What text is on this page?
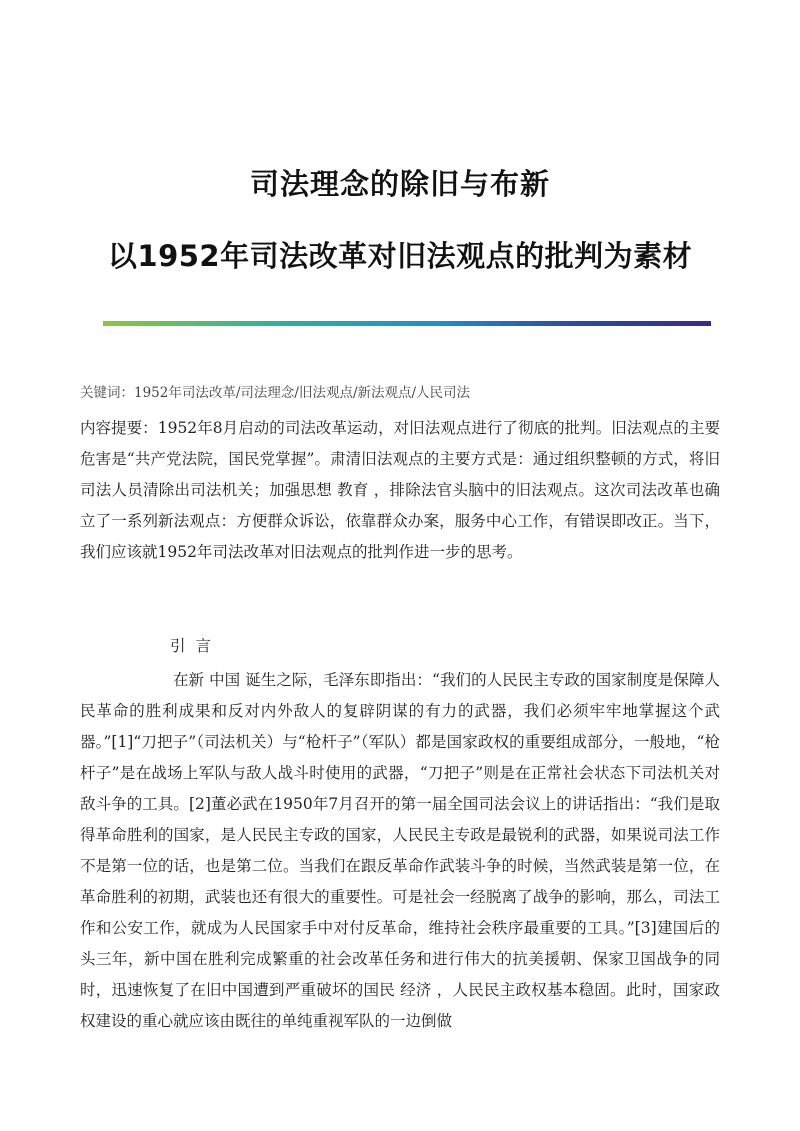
司法理念的除旧与布新
以1952年司法改革对旧法观点的批判为素材
关键词：1952年司法改革/司法理念/旧法观点/新法观点/人民司法

内容提要：1952年8月启动的司法改革运动，对旧法观点进行了彻底的批判。旧法观点的主要危害是“共产党法院，国民党掌握”。肃清旧法观点的主要方式是：通过组织整顿的方式，将旧司法人员清除出司法机关；加强思想 教育 ，排除法官头脑中的旧法观点。这次司法改革也确立了一系列新法观点：方便群众诉讼，依靠群众办案，服务中心工作，有错误即改正。当下，我们应该就1952年司法改革对旧法观点的批判作进一步的思考。

引言

在新 中国 诞生之际，毛泽东即指出：“我们的人民民主专政的国家制度是保障人民革命的胜利成果和反对内外敌人的复辟阴谋的有力的武器，我们必须牢牢地掌握这个武器。”[1]“刀把子”（司法机关）与“枪杆子”（军队）都是国家政权的重要组成部分，一般地，“枪杆子”是在战场上军队与敌人战斗时使用的武器，“刀把子”则是在正常社会状态下司法机关对敌斗争的工具。[2]董必武在1950年7月召开的第一届全国司法会议上的讲话指出：“我们是取得革命胜利的国家，是人民民主专政的国家，人民民主专政是最锐利的武器，如果说司法工作不是第一位的话，也是第二位。当我们在跟反革命作武装斗争的时候，当然武装是第一位，在革命胜利的初期，武装也还有很大的重要性。可是社会一经脱离了战争的影响，那么，司法工作和公安工作，就成为人民国家手中对付反革命，维持社会秩序最重要的工具。”[3]建国后的头三年，新中国在胜利完成繁重的社会改革任务和进行伟大的抗美援朝、保家卫国战争的同时，迅速恢复了在旧中国遭到严重破坏的国民 经济 ，人民民主政权基本稳固。此时，国家政权建设的重心就应该由既往的单纯重视军队的一边倒做
